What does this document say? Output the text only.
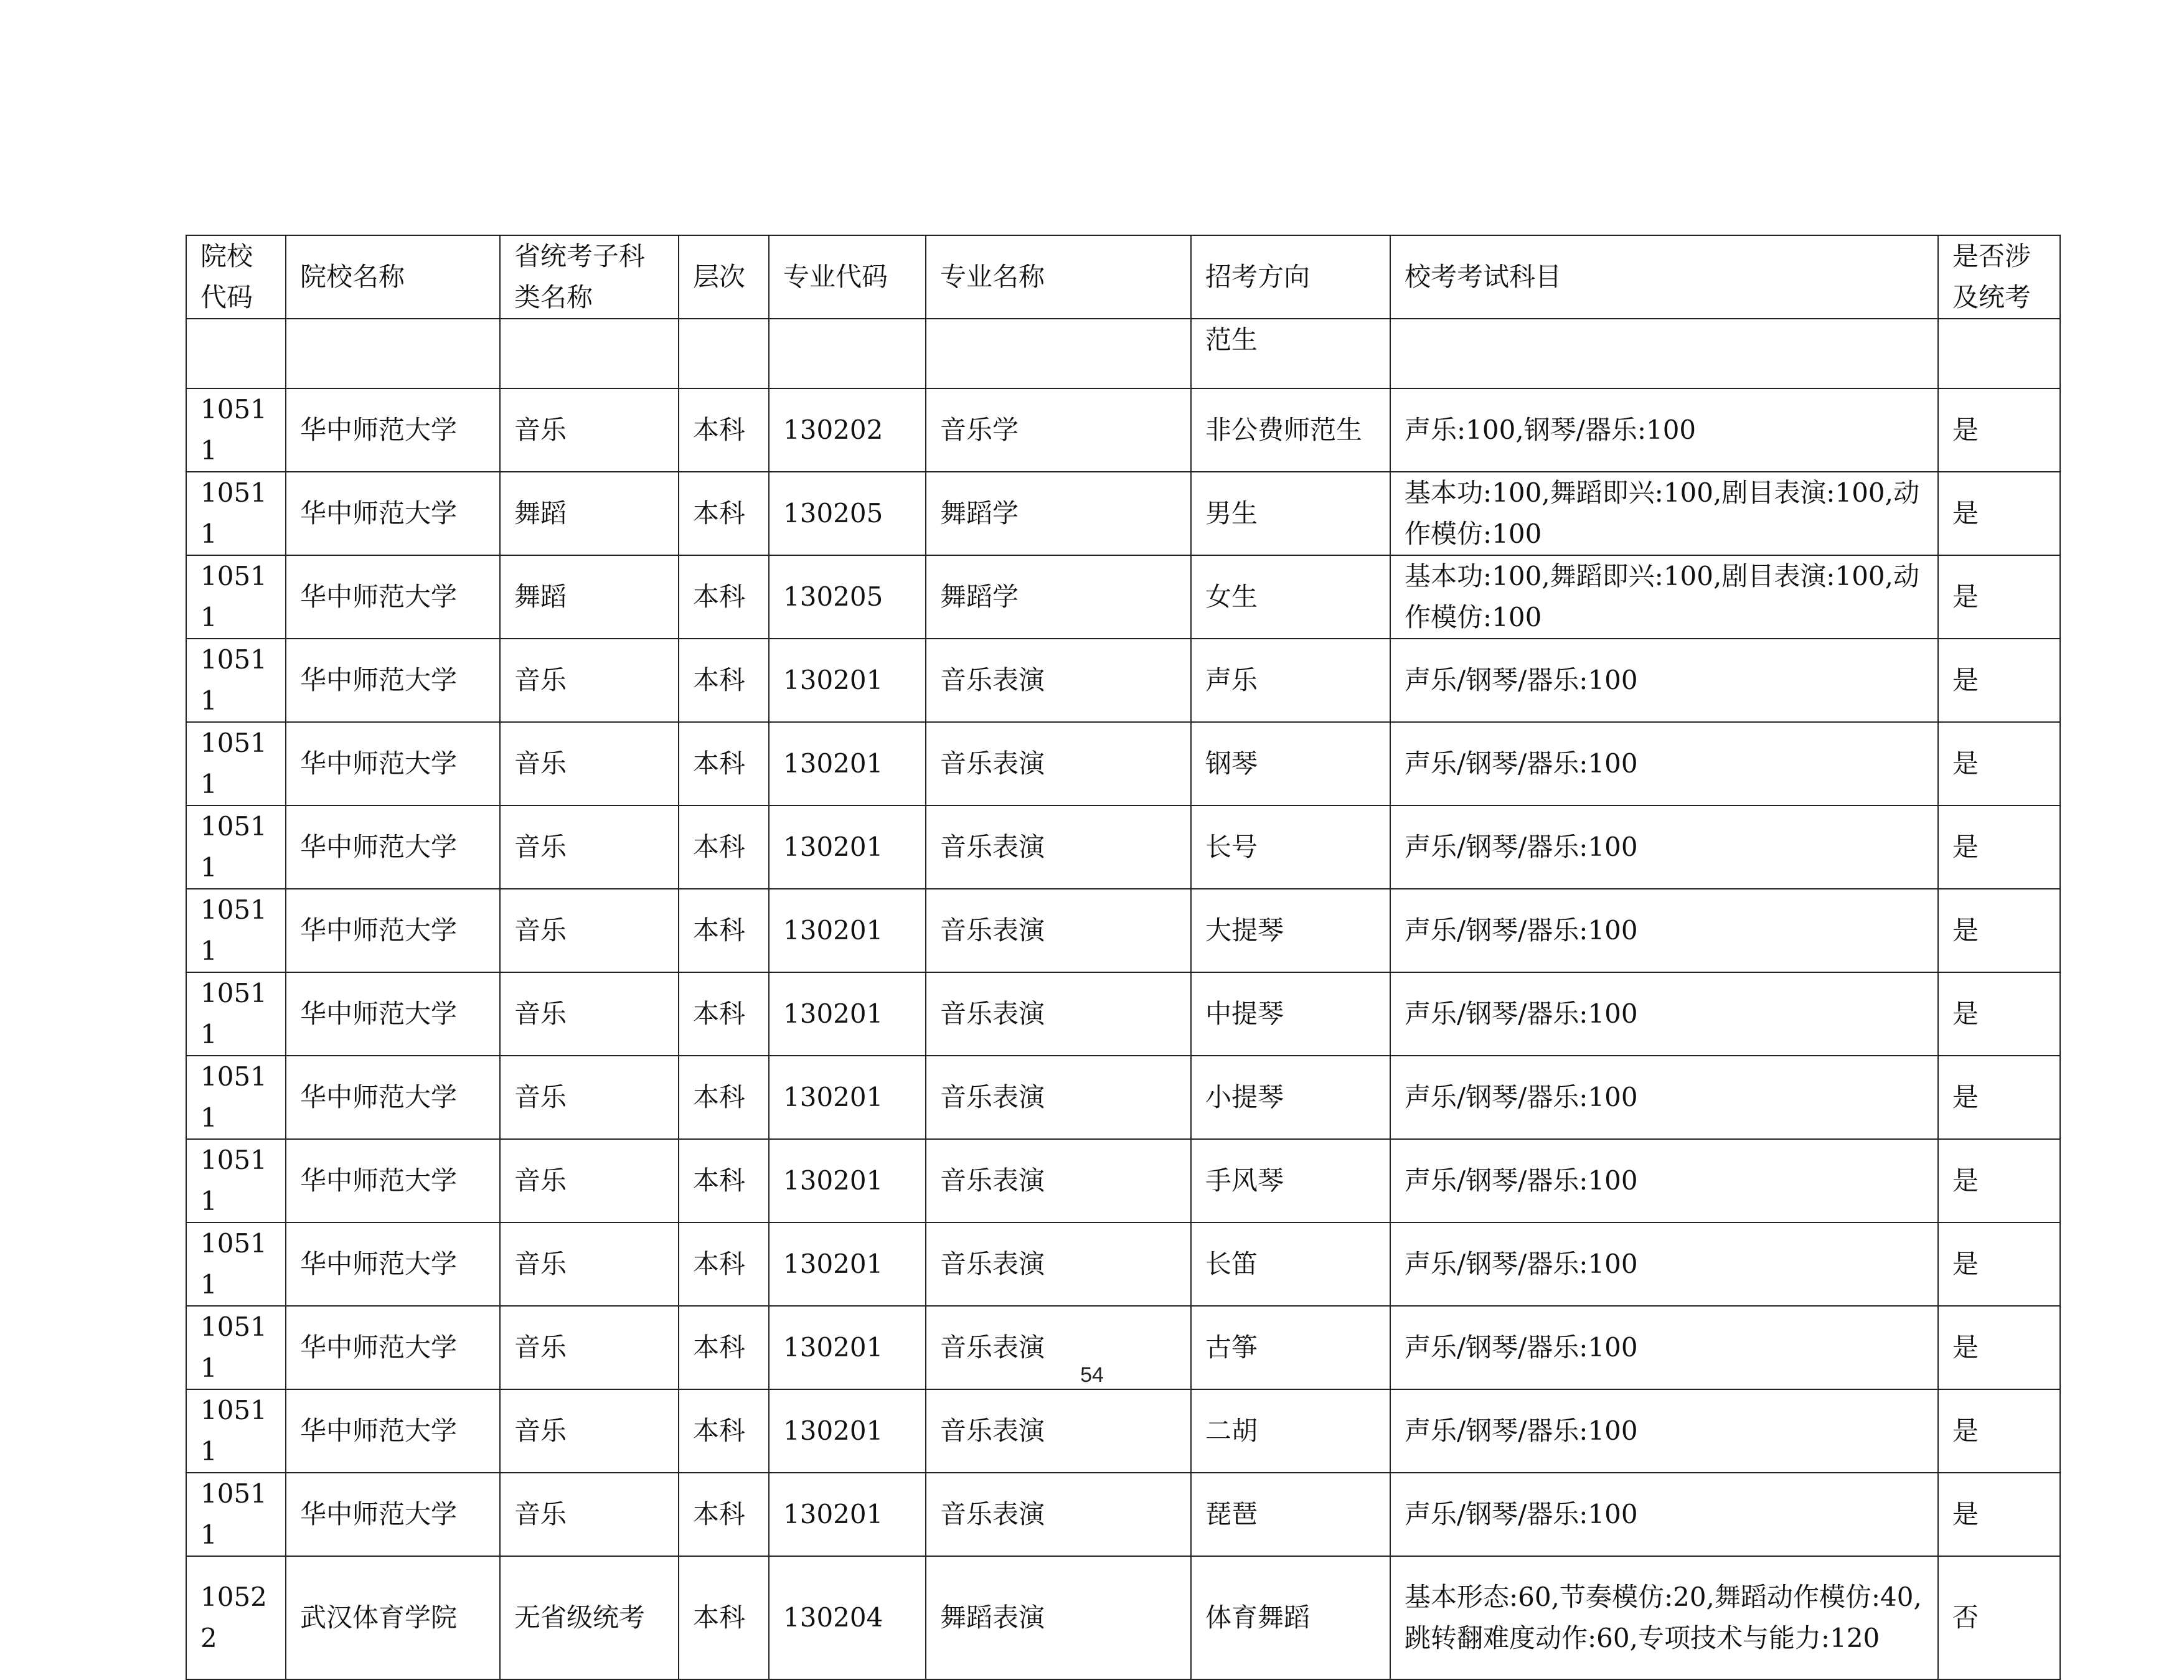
院校代码	院校名称	省统考子科类名称	层次	专业代码	专业名称	招考方向	校考考试科目	是否涉及统考
						范生		
10511	华中师范大学	音乐	本科	130202	音乐学	非公费师范生	声乐:100,钢琴/器乐:100	是
10511	华中师范大学	舞蹈	本科	130205	舞蹈学	男生	基本功:100,舞蹈即兴:100,剧目表演:100,动作模仿:100	是
10511	华中师范大学	舞蹈	本科	130205	舞蹈学	女生	基本功:100,舞蹈即兴:100,剧目表演:100,动作模仿:100	是
10511	华中师范大学	音乐	本科	130201	音乐表演	声乐	声乐/钢琴/器乐:100	是
10511	华中师范大学	音乐	本科	130201	音乐表演	钢琴	声乐/钢琴/器乐:100	是
10511	华中师范大学	音乐	本科	130201	音乐表演	长号	声乐/钢琴/器乐:100	是
10511	华中师范大学	音乐	本科	130201	音乐表演	大提琴	声乐/钢琴/器乐:100	是
10511	华中师范大学	音乐	本科	130201	音乐表演	中提琴	声乐/钢琴/器乐:100	是
10511	华中师范大学	音乐	本科	130201	音乐表演	小提琴	声乐/钢琴/器乐:100	是
10511	华中师范大学	音乐	本科	130201	音乐表演	手风琴	声乐/钢琴/器乐:100	是
10511	华中师范大学	音乐	本科	130201	音乐表演	长笛	声乐/钢琴/器乐:100	是
10511	华中师范大学	音乐	本科	130201	音乐表演	古筝	声乐/钢琴/器乐:100	是
10511	华中师范大学	音乐	本科	130201	音乐表演	二胡	声乐/钢琴/器乐:100	是
10511	华中师范大学	音乐	本科	130201	音乐表演	琵琶	声乐/钢琴/器乐:100	是
10522	武汉体育学院	无省级统考	本科	130204	舞蹈表演	体育舞蹈	基本形态:60,节奏模仿:20,舞蹈动作模仿:40,跳转翻难度动作:60,专项技术与能力:120	否
54
